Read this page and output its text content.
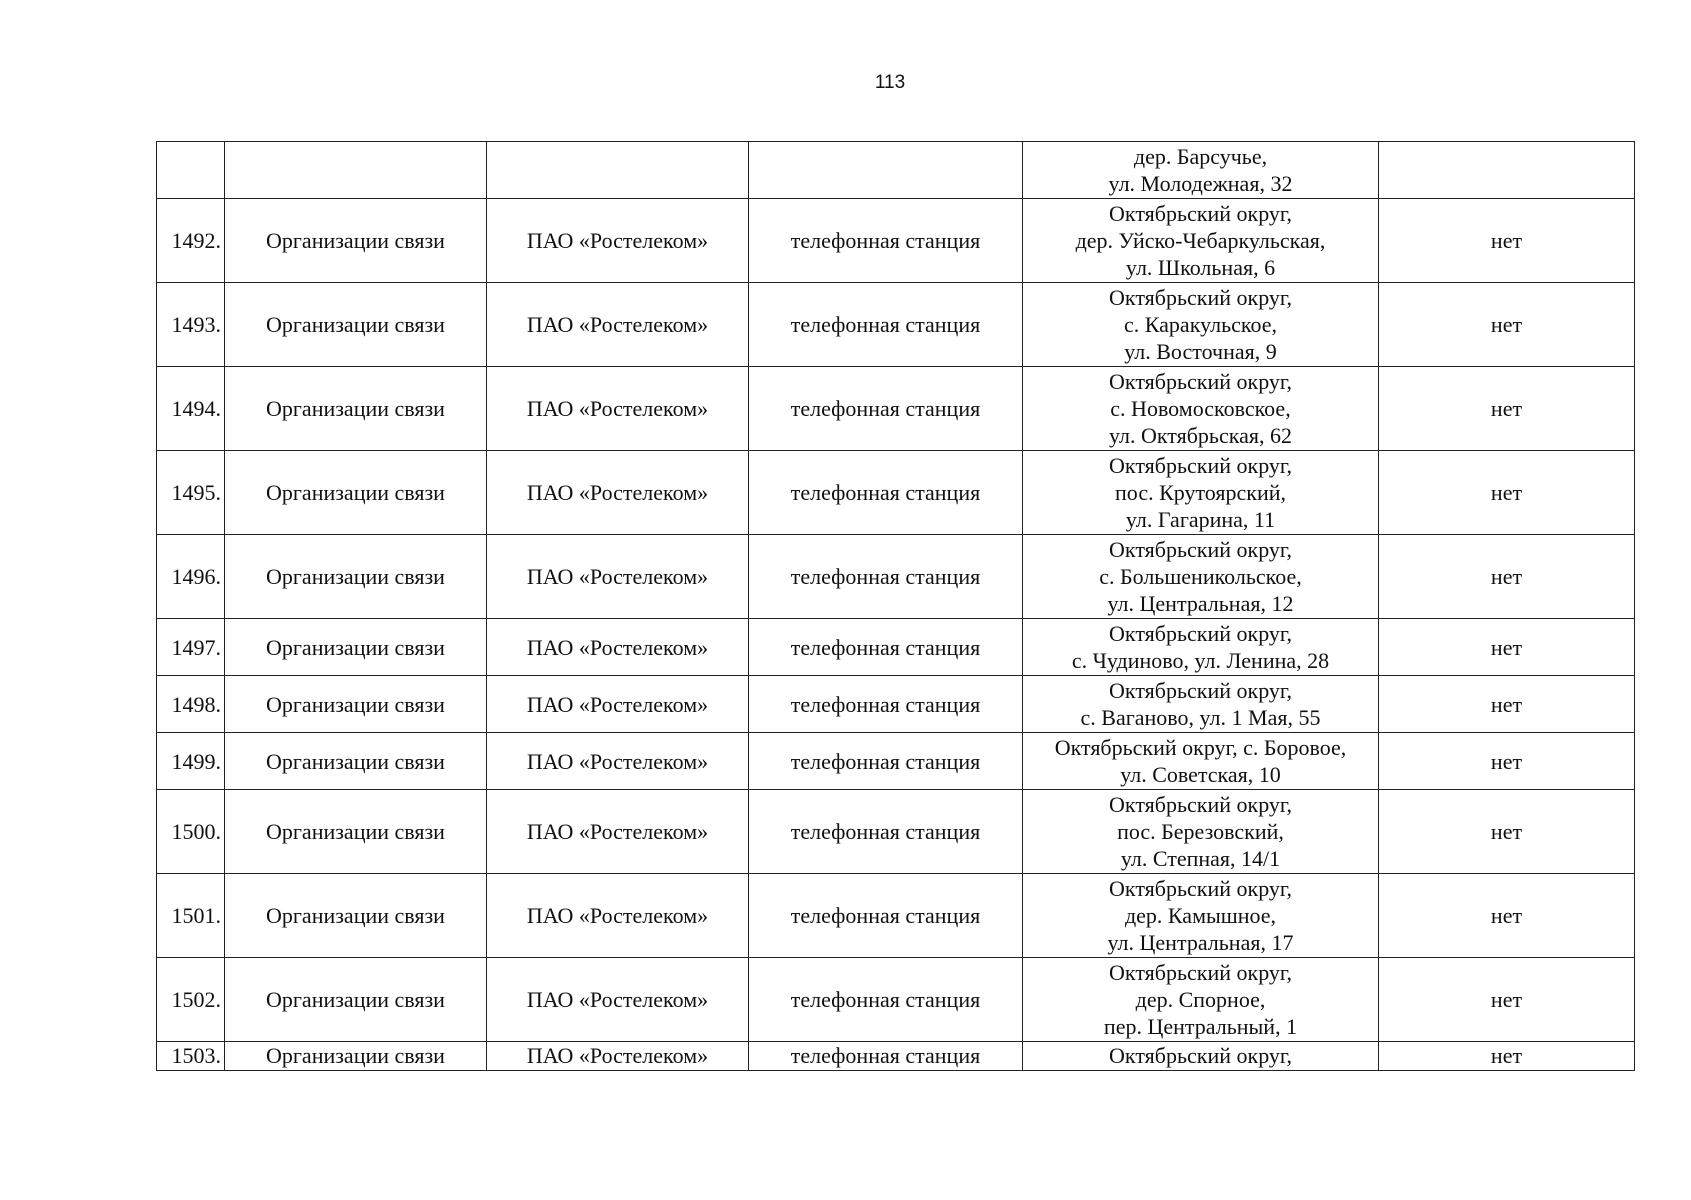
113

				дер. Барсучье,
ул. Молодежная, 32	

1492.	Организации связи	ПАО «Ростелеком»	телефонная станция	Октябрьский округ,
дер. Уйско-Чебаркульская,
ул. Школьная, 6	нет
1493.	Организации связи	ПАО «Ростелеком»	телефонная станция	Октябрьский округ,
с. Каракульское,
ул. Восточная, 9	нет
1494.	Организации связи	ПАО «Ростелеком»	телефонная станция	Октябрьский округ,
с. Новомосковское,
ул. Октябрьская, 62	нет
1495.	Организации связи	ПАО «Ростелеком»	телефонная станция	Октябрьский округ,
пос. Крутоярский,
ул. Гагарина, 11	нет
1496.	Организации связи	ПАО «Ростелеком»	телефонная станция	Октябрьский округ,
с. Большеникольское,
ул. Центральная, 12	нет
1497.	Организации связи	ПАО «Ростелеком»	телефонная станция	Октябрьский округ,
с. Чудиново, ул. Ленина, 28	нет
1498.	Организации связи	ПАО «Ростелеком»	телефонная станция	Октябрьский округ,
с. Ваганово, ул. 1 Мая, 55	нет
1499.	Организации связи	ПАО «Ростелеком»	телефонная станция	Октябрьский округ, с. Боровое,
ул. Советская, 10	нет
1500.	Организации связи	ПАО «Ростелеком»	телефонная станция	Октябрьский округ,
пос. Березовский,
ул. Степная, 14/1	нет
1501.	Организации связи	ПАО «Ростелеком»	телефонная станция	Октябрьский округ,
дер. Камышное,
ул. Центральная, 17	нет
1502.	Организации связи	ПАО «Ростелеком»	телефонная станция	Октябрьский округ,
дер. Спорное,
пер. Центральный, 1	нет
1503.	Организации связи	ПАО «Ростелеком»	телефонная станция	Октябрьский округ,	нет
